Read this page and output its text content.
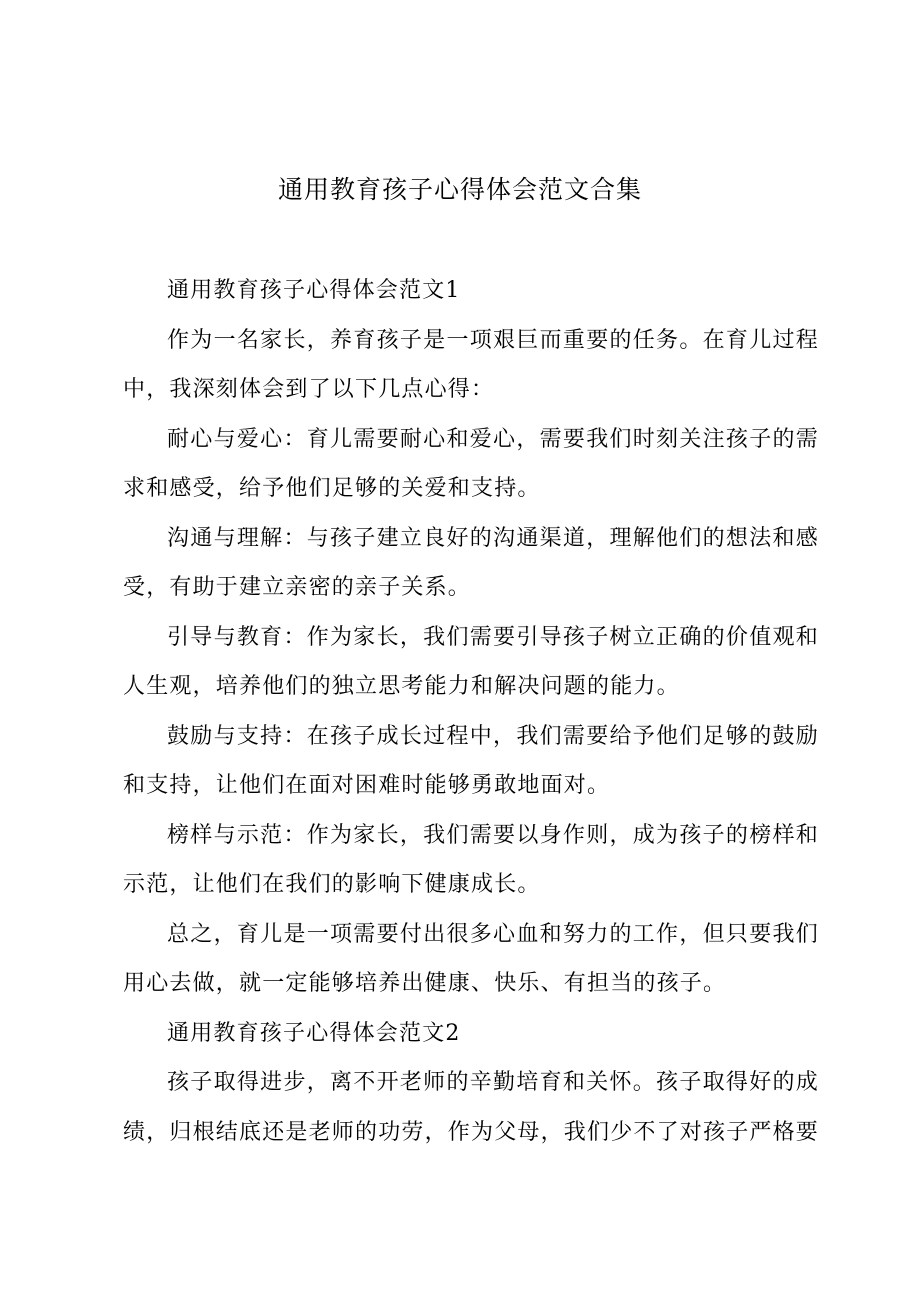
通用教育孩子心得体会范文合集

通用教育孩子心得体会范文1

作为一名家长，养育孩子是一项艰巨而重要的任务。在育儿过程中，我深刻体会到了以下几点心得：

耐心与爱心：育儿需要耐心和爱心，需要我们时刻关注孩子的需求和感受，给予他们足够的关爱和支持。

沟通与理解：与孩子建立良好的沟通渠道，理解他们的想法和感受，有助于建立亲密的亲子关系。

引导与教育：作为家长，我们需要引导孩子树立正确的价值观和人生观，培养他们的独立思考能力和解决问题的能力。

鼓励与支持：在孩子成长过程中，我们需要给予他们足够的鼓励和支持，让他们在面对困难时能够勇敢地面对。

榜样与示范：作为家长，我们需要以身作则，成为孩子的榜样和示范，让他们在我们的影响下健康成长。

总之，育儿是一项需要付出很多心血和努力的工作，但只要我们用心去做，就一定能够培养出健康、快乐、有担当的孩子。

通用教育孩子心得体会范文2

孩子取得进步，离不开老师的辛勤培育和关怀。孩子取得好的成绩，归根结底还是老师的功劳，作为父母，我们少不了对孩子严格要
